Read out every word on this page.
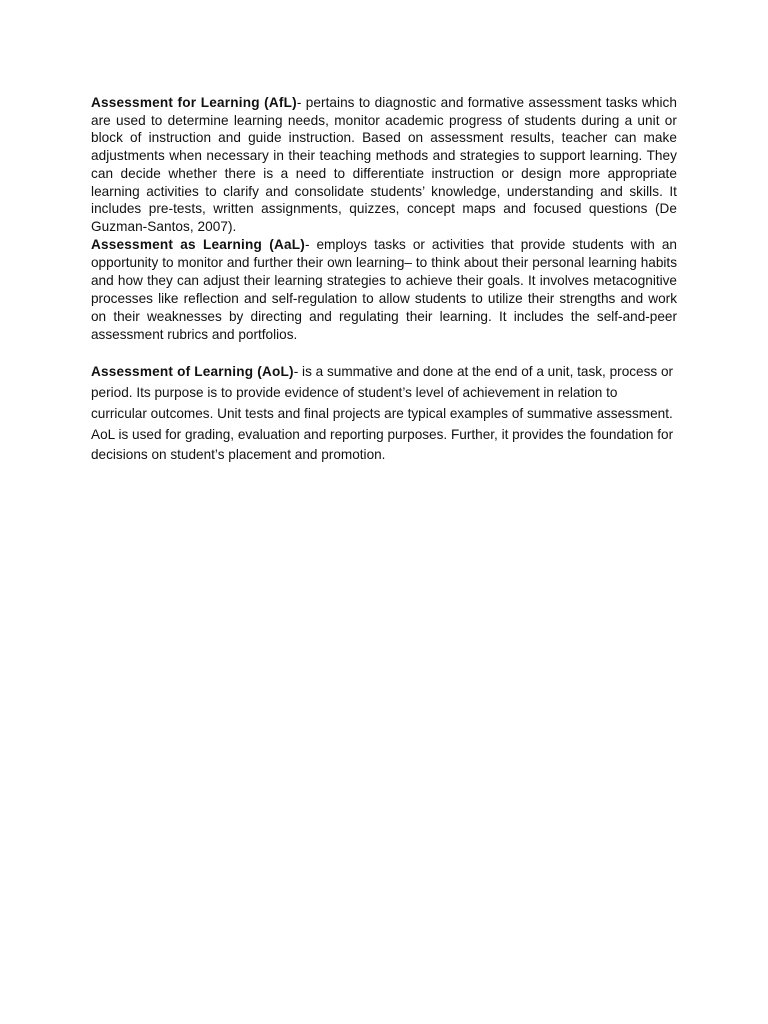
Assessment for Learning (AfL)- pertains to diagnostic and formative assessment tasks which are used to determine learning needs, monitor academic progress of students during a unit or block of instruction and guide instruction. Based on assessment results, teacher can make adjustments when necessary in their teaching methods and strategies to support learning. They can decide whether there is a need to differentiate instruction or design more appropriate learning activities to clarify and consolidate students’ knowledge, understanding and skills. It includes pre-tests, written assignments, quizzes, concept maps and focused questions (De Guzman-Santos, 2007).

Assessment as Learning (AaL)- employs tasks or activities that provide students with an opportunity to monitor and further their own learning– to think about their personal learning habits and how they can adjust their learning strategies to achieve their goals. It involves metacognitive processes like reflection and self-regulation to allow students to utilize their strengths and work on their weaknesses by directing and regulating their learning. It includes the self-and-peer assessment rubrics and portfolios.

Assessment of Learning (AoL)- is a summative and done at the end of a unit, task, process or period. Its purpose is to provide evidence of student’s level of achievement in relation to curricular outcomes. Unit tests and final projects are typical examples of summative assessment. AoL is used for grading, evaluation and reporting purposes. Further, it provides the foundation for decisions on student’s placement and promotion.
